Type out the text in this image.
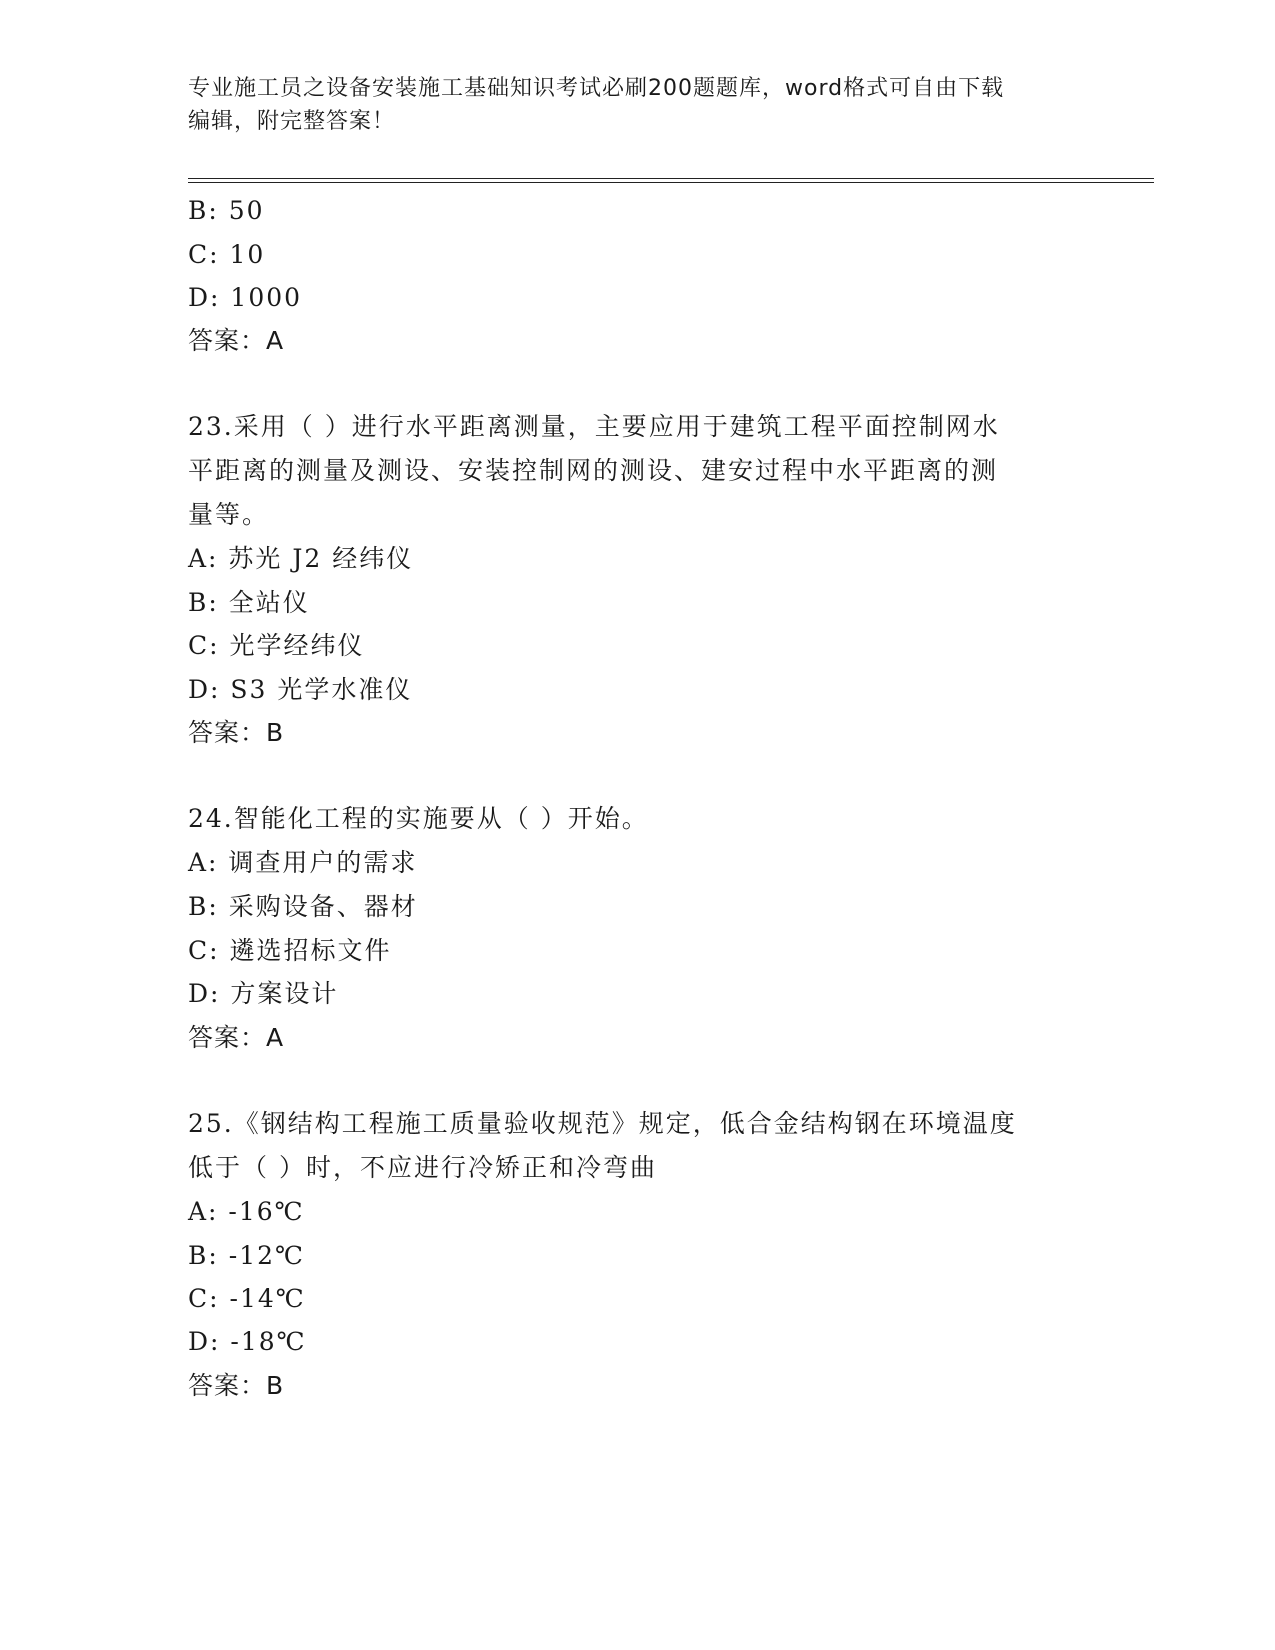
专业施工员之设备安装施工基础知识考试必刷200题题库，word格式可自由下载
编辑，附完整答案！
B: 50
C: 10
D: 1000
答案：A
23.采用（ ）进行水平距离测量，主要应用于建筑工程平面控制网水
平距离的测量及测设、安装控制网的测设、建安过程中水平距离的测
量等。
A: 苏光 J2 经纬仪
B: 全站仪
C: 光学经纬仪
D: S3 光学水准仪
答案：B
24.智能化工程的实施要从（ ）开始。
A: 调查用户的需求
B: 采购设备、器材
C: 遴选招标文件
D: 方案设计
答案：A
25.《钢结构工程施工质量验收规范》规定，低合金结构钢在环境温度
低于（ ）时，不应进行冷矫正和冷弯曲
A: -16℃
B: -12℃
C: -14℃
D: -18℃
答案：B
